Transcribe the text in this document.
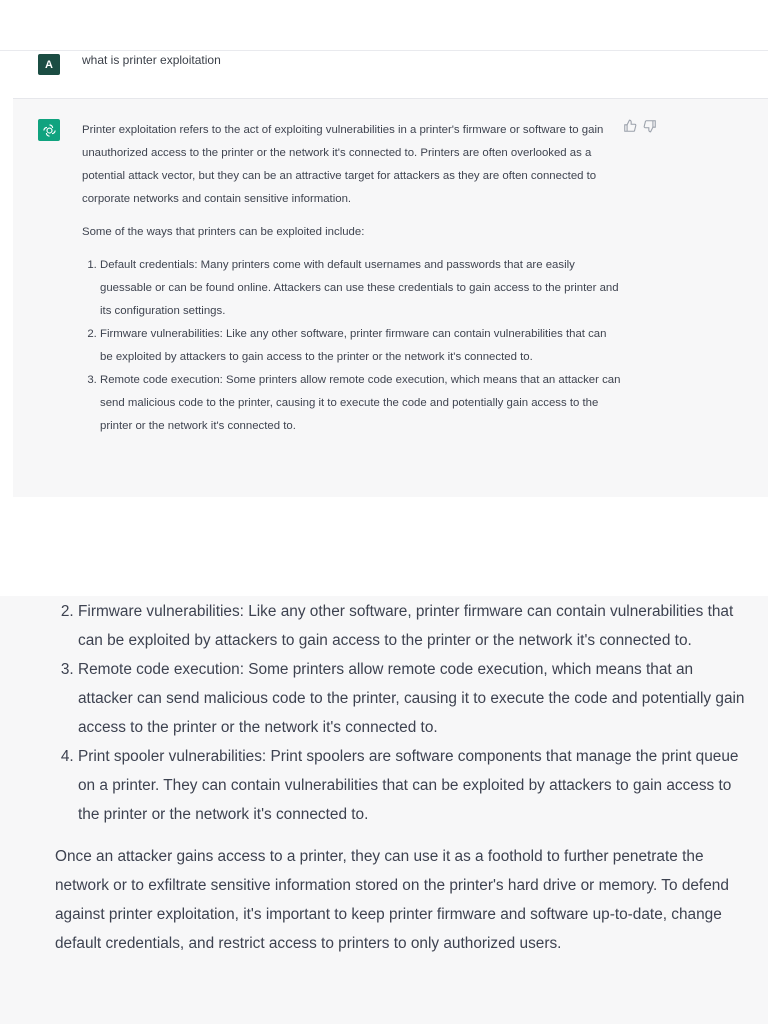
A	what is printer exploitation

Printer exploitation refers to the act of exploiting vulnerabilities in a printer's firmware or software to gain unauthorized access to the printer or the network it's connected to. Printers are often overlooked as a potential attack vector, but they can be an attractive target for attackers as they are often connected to corporate networks and contain sensitive information.

Some of the ways that printers can be exploited include:

1. Default credentials: Many printers come with default usernames and passwords that are easily guessable or can be found online. Attackers can use these credentials to gain access to the printer and its configuration settings.
2. Firmware vulnerabilities: Like any other software, printer firmware can contain vulnerabilities that can be exploited by attackers to gain access to the printer or the network it's connected to.
3. Remote code execution: Some printers allow remote code execution, which means that an attacker can send malicious code to the printer, causing it to execute the code and potentially gain access to the printer or the network it's connected to.
2. Firmware vulnerabilities: Like any other software, printer firmware can contain vulnerabilities that can be exploited by attackers to gain access to the printer or the network it's connected to.
3. Remote code execution: Some printers allow remote code execution, which means that an attacker can send malicious code to the printer, causing it to execute the code and potentially gain access to the printer or the network it's connected to.
4. Print spooler vulnerabilities: Print spoolers are software components that manage the print queue on a printer. They can contain vulnerabilities that can be exploited by attackers to gain access to the printer or the network it's connected to.

Once an attacker gains access to a printer, they can use it as a foothold to further penetrate the network or to exfiltrate sensitive information stored on the printer's hard drive or memory. To defend against printer exploitation, it's important to keep printer firmware and software up-to-date, change default credentials, and restrict access to printers to only authorized users.
